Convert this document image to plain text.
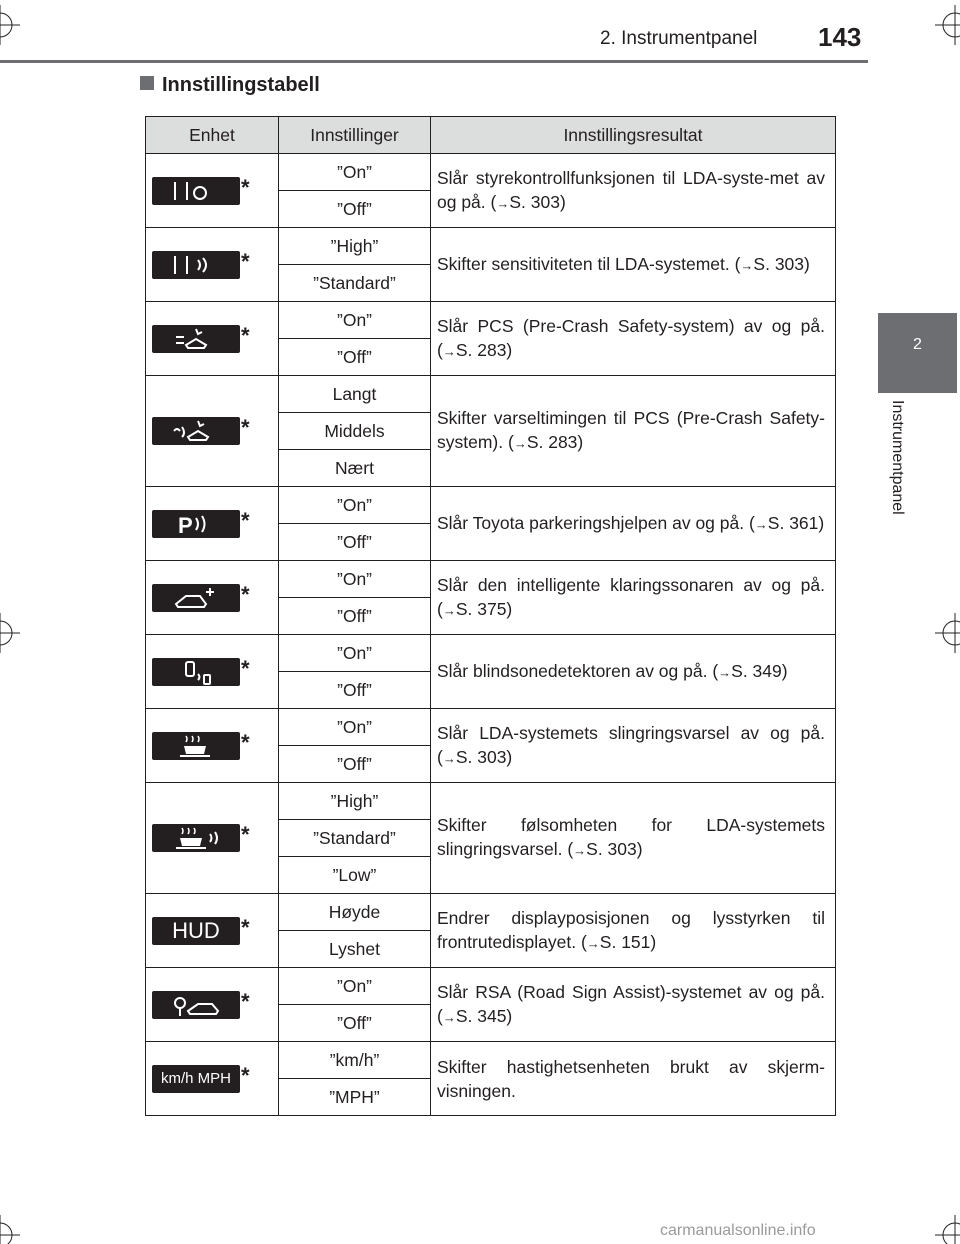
2. Instrumentpanel 143
2
Instrumentpanel
Innstillingstabell
Enhet	Innstillinger	Innstillingsresultat

*	”On”	Slår styrekontrollfunksjonen til LDA-syste-met av og på. (→S. 303)
	”Off”	

*	”High”	Skifter sensitiviteten til LDA-systemet. (→S. 303)
	”Standard”	

*	”On”	Slår PCS (Pre-Crash Safety-system) av og på. (→S. 283)
	”Off”	

*	Langt	Skifter varseltimingen til PCS (Pre-Crash Safety-system). (→S. 283)
	Middels	
	Nært	

P *	”On”	Slår Toyota parkeringshjelpen av og på. (→S. 361)
	”Off”	

*	”On”	Slår den intelligente klaringssonaren av og på. (→S. 375)
	”Off”	

*	”On”	Slår blindsonedetektoren av og på. (→S. 349)
	”Off”	

*	”On”	Slår LDA-systemets slingringsvarsel av og på. (→S. 303)
	”Off”	

*	”High”	Skifter følsomheten for LDA-systemets slingringsvarsel. (→S. 303)
	”Standard”	
	”Low”	

HUD *	Høyde	Endrer displayposisjonen og lysstyrken til frontrutedisplayet. (→S. 151)
	Lyshet	

*	”On”	Slår RSA (Road Sign Assist)-systemet av og på. (→S. 345)
	”Off”	

km/h MPH *	”km/h”	Skifter hastighetsenheten brukt av skjerm-visningen.
	”MPH”	
carmanualsonline.info
